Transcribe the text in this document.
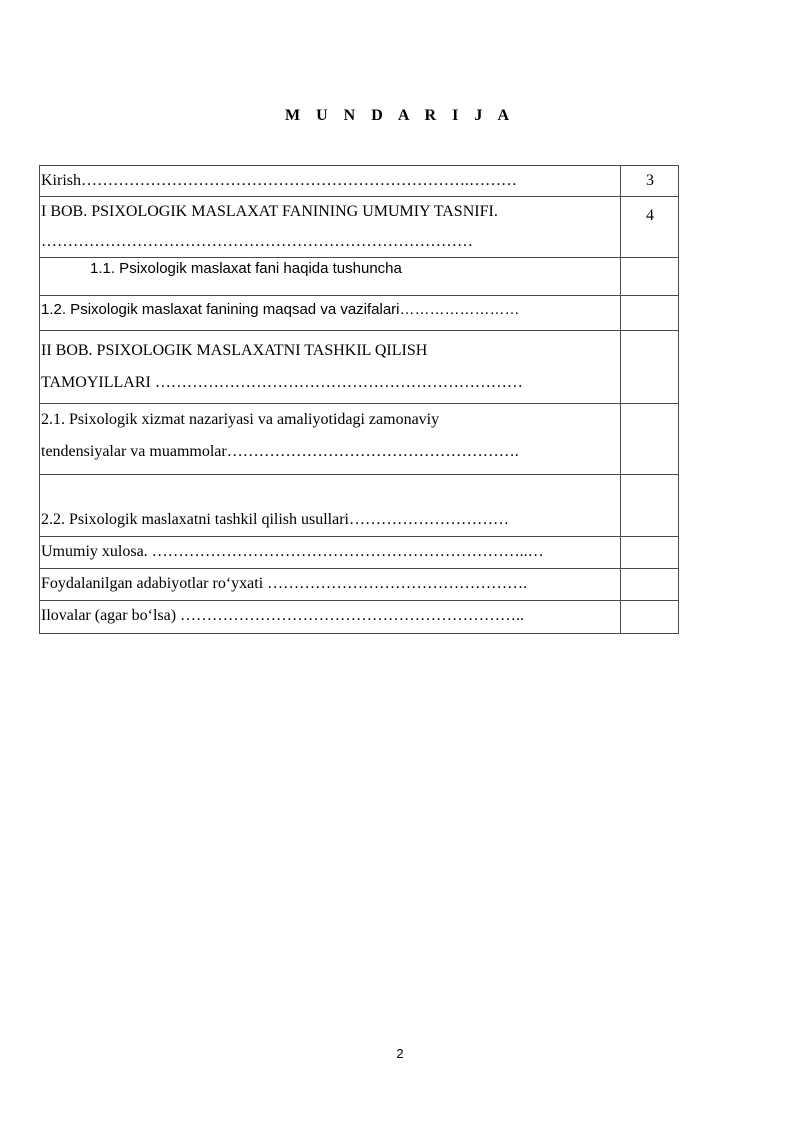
M U N D A R I J A
Kirish……………………………………………………………….………	3

I BOB. PSIXOLOGIK MASLAXAT FANINING UMUMIY TASNIFI.
………………………………………………………………………	4

1.1. Psixologik maslaxat fani haqida tushuncha	

1.2. Psixologik maslaxat fanining maqsad va vazifalari……………………	

II BOB. PSIXOLOGIK MASLAXATNI TASHKIL QILISH
TAMOYILLARI ……………………………………………………………	

2.1. Psixologik xizmat nazariyasi va amaliyotidagi zamonaviy
tendensiyalar va muammolar……………………………………………….	

2.2. Psixologik maslaxatni tashkil qilish usullari…………………………	

Umumiy xulosa. ……………………………………………………………..…	

Foydalanilgan adabiyotlar ro‘yxati ………………………………………….	

Ilovalar (agar bo‘lsa) ………………………………………………………..	

2
